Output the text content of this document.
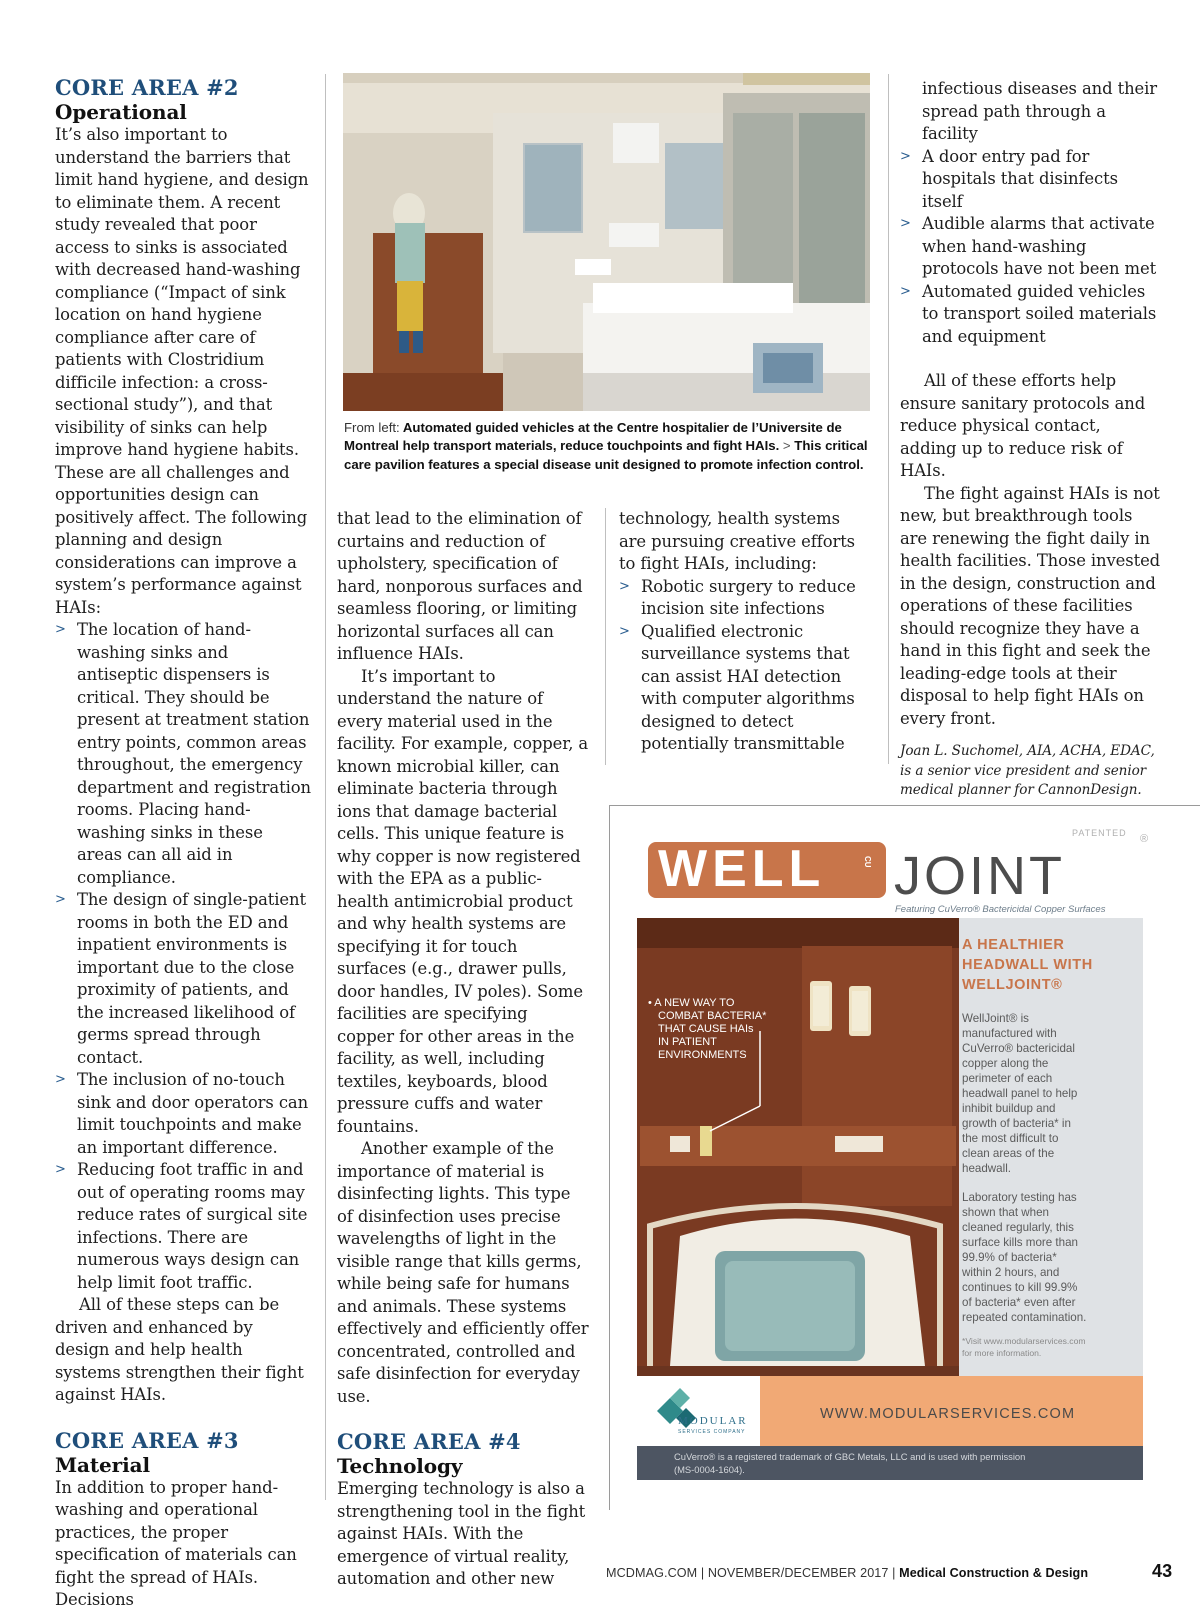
CORE AREA #2

Operational

It’s also important to understand the barriers that limit hand hygiene, and design to eliminate them. A recent study revealed that poor access to sinks is associated with decreased hand-washing compliance (“Impact of sink location on hand hygiene compliance after care of patients with Clostridium difficile infection: a cross-sectional study”), and that visibility of sinks can help improve hand hygiene habits. These are all challenges and opportunities design can positively affect. The following planning and design considerations can improve a system’s performance against HAIs:

> The location of hand-washing sinks and antiseptic dispensers is critical. They should be present at treatment station entry points, common areas throughout, the emergency department and registration rooms. Placing hand-washing sinks in these areas can all aid in compliance.
> The design of single-patient rooms in both the ED and inpatient environments is important due to the close proximity of patients, and the increased likelihood of germs spread through contact.
> The inclusion of no-touch sink and door operators can limit touchpoints and make an important difference.
> Reducing foot traffic in and out of operating rooms may reduce rates of surgical site infections. There are numerous ways design can help limit foot traffic.

All of these steps can be driven and enhanced by design and help health systems strengthen their fight against HAIs.

CORE AREA #3

Material

In addition to proper hand-washing and operational practices, the proper specification of materials can fight the spread of HAIs. Decisions

From left: Automated guided vehicles at the Centre hospitalier de l’Universite de Montreal help transport materials, reduce touchpoints and fight HAIs. > This critical care pavilion features a special disease unit designed to promote infection control.

that lead to the elimination of curtains and reduction of upholstery, specification of hard, nonporous surfaces and seamless flooring, or limiting horizontal surfaces all can influence HAIs.

It’s important to understand the nature of every material used in the facility. For example, copper, a known microbial killer, can eliminate bacteria through ions that damage bacterial cells. This unique feature is why copper is now registered with the EPA as a public-health antimicrobial product and why health systems are specifying it for touch surfaces (e.g., drawer pulls, door handles, IV poles). Some facilities are specifying copper for other areas in the facility, as well, including textiles, keyboards, blood pressure cuffs and water fountains.

Another example of the importance of material is disinfecting lights. This type of disinfection uses precise wavelengths of light in the visible range that kills germs, while being safe for humans and animals. These systems effectively and efficiently offer concentrated, controlled and safe disinfection for everyday use.

CORE AREA #4

Technology

Emerging technology is also a strengthening tool in the fight against HAIs. With the emergence of virtual reality, automation and other new

technology, health systems are pursuing creative efforts to fight HAIs, including:

> Robotic surgery to reduce incision site infections
> Qualified electronic surveillance systems that can assist HAI detection with computer algorithms designed to detect potentially transmittable

infectious diseases and their spread path through a facility

> A door entry pad for hospitals that disinfects itself
> Audible alarms that activate when hand-washing protocols have not been met
> Automated guided vehicles to transport soiled materials and equipment

All of these efforts help ensure sanitary protocols and reduce physical contact, adding up to reduce risk of HAIs.

The fight against HAIs is not new, but breakthrough tools are renewing the fight daily in health facilities. Those invested in the design, construction and operations of these facilities should recognize they have a hand in this fight and seek the leading-edge tools at their disposal to help fight HAIs on every front.

Joan L. Suchomel, AIA, ACHA, EDAC, is a senior vice president and senior medical planner for CannonDesign.

WELL	CU JOINT
PATENTED ®
Featuring CuVerro® Bactericidal Copper Surfaces
• A NEW WAY TO
COMBAT BACTERIA*
THAT CAUSE HAIs
IN PATIENT
ENVIRONMENTS
A HEALTHIER
HEADWALL WITH
WELLJOINT®
WellJoint® is
manufactured with
CuVerro® bactericidal
copper along the
perimeter of each
headwall panel to help
inhibit buildup and
growth of bacteria* in
the most difficult to
clean areas of the
headwall.
Laboratory testing has
shown that when
cleaned regularly, this
surface kills more than
99.9% of bacteria*
within 2 hours, and
continues to kill 99.9%
of bacteria* even after
repeated contamination.
*Visit www.modularservices.com
for more information.
MODULAR
SERVICES COMPANY
WWW.MODULARSERVICES.COM
CuVerro® is a registered trademark of GBC Metals, LLC and is used with permission
(MS-0004-1604).
MCDMAG.COM | NOVEMBER/DECEMBER 2017 | Medical Construction & Design	43
